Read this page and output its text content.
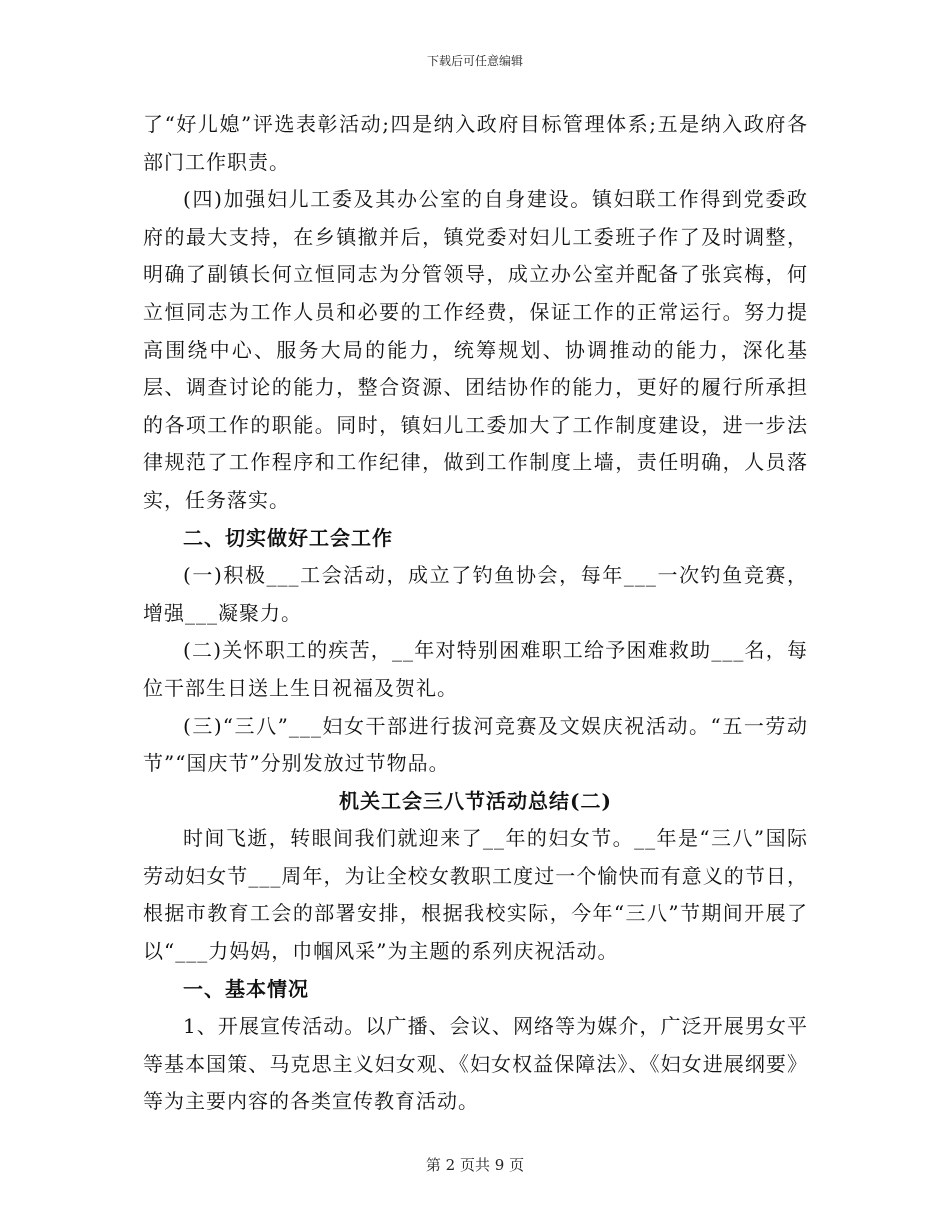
下载后可任意编辑

了“好儿媳”评选表彰活动;四是纳入政府目标管理体系;五是纳入政府各部门工作职责。

(四)加强妇儿工委及其办公室的自身建设。镇妇联工作得到党委政府的最大支持，在乡镇撤并后，镇党委对妇儿工委班子作了及时调整，明确了副镇长何立恒同志为分管领导，成立办公室并配备了张宾梅，何立恒同志为工作人员和必要的工作经费，保证工作的正常运行。努力提高围绕中心、服务大局的能力，统筹规划、协调推动的能力，深化基层、调查讨论的能力，整合资源、团结协作的能力，更好的履行所承担的各项工作的职能。同时，镇妇儿工委加大了工作制度建设，进一步法律规范了工作程序和工作纪律，做到工作制度上墙，责任明确，人员落实，任务落实。

二、切实做好工会工作

(一)积极___工会活动，成立了钓鱼协会，每年___一次钓鱼竞赛，增强___凝聚力。

(二)关怀职工的疾苦，__年对特别困难职工给予困难救助___名，每位干部生日送上生日祝福及贺礼。

(三)“三八”___妇女干部进行拔河竞赛及文娱庆祝活动。“五一劳动节”“国庆节”分别发放过节物品。

机关工会三八节活动总结(二)

时间飞逝，转眼间我们就迎来了__年的妇女节。__年是“三八”国际劳动妇女节___周年，为让全校女教职工度过一个愉快而有意义的节日，根据市教育工会的部署安排，根据我校实际，今年“三八”节期间开展了以“___力妈妈，巾帼风采”为主题的系列庆祝活动。

一、基本情况

1、开展宣传活动。以广播、会议、网络等为媒介，广泛开展男女平等基本国策、马克思主义妇女观、《妇女权益保障法》、《妇女进展纲要》等为主要内容的各类宣传教育活动。

第 2 页共 9 页
